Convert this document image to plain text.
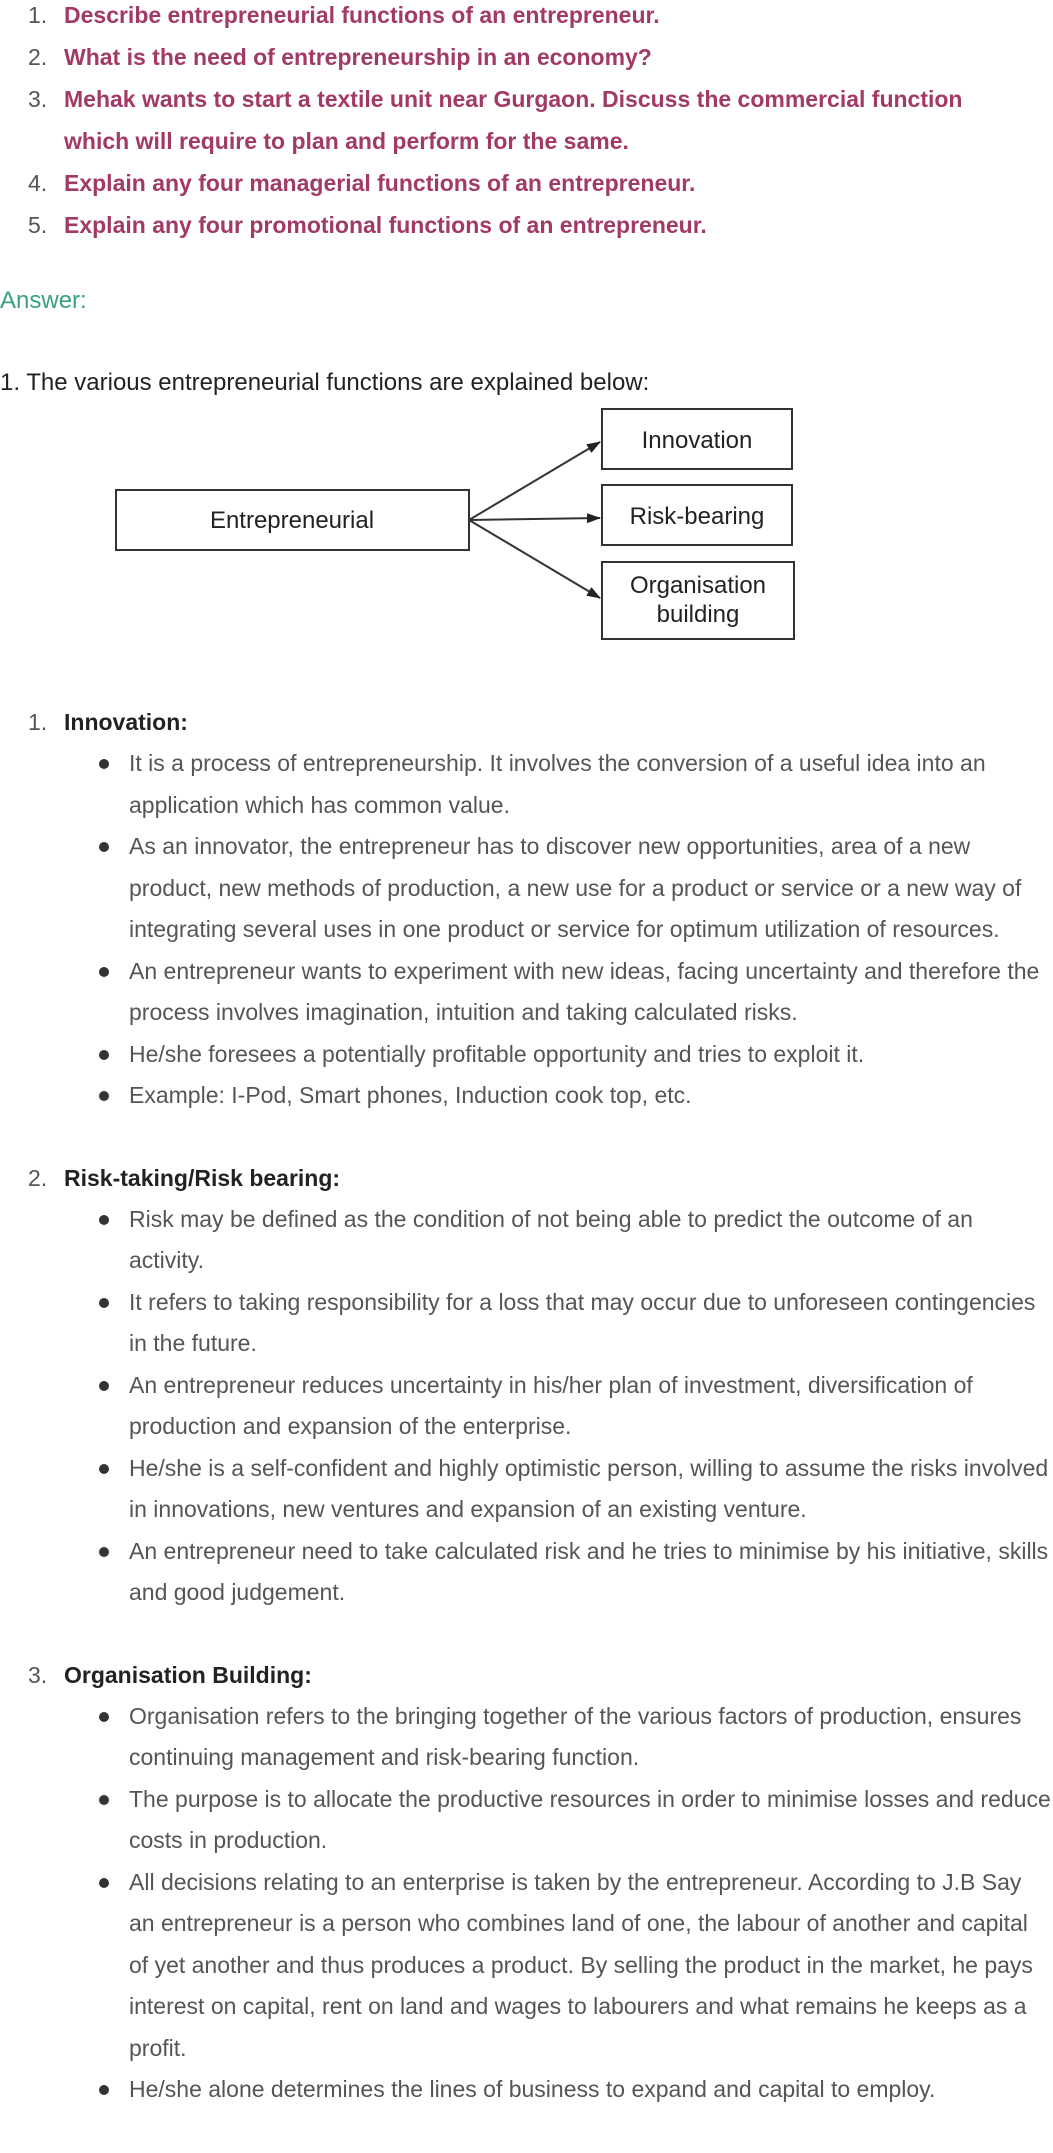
1. Describe entrepreneurial functions of an entrepreneur.
2. What is the need of entrepreneurship in an economy?
3. Mehak wants to start a textile unit near Gurgaon. Discuss the commercial function which will require to plan and perform for the same.
4. Explain any four managerial functions of an entrepreneur.
5. Explain any four promotional functions of an entrepreneur.
Answer:
1. The various entrepreneurial functions are explained below:
Entrepreneurial
Innovation
Risk-bearing
Organisation
building
1. Innovation:
It is a process of entrepreneurship. It involves the conversion of a useful idea into an application which has common value.
As an innovator, the entrepreneur has to discover new opportunities, area of a new product, new methods of production, a new use for a product or service or a new way of integrating several uses in one product or service for optimum utilization of resources.
An entrepreneur wants to experiment with new ideas, facing uncertainty and therefore the process involves imagination, intuition and taking calculated risks.
He/she foresees a potentially profitable opportunity and tries to exploit it.
Example: I-Pod, Smart phones, Induction cook top, etc.
2. Risk-taking/Risk bearing:
Risk may be defined as the condition of not being able to predict the outcome of an activity.
It refers to taking responsibility for a loss that may occur due to unforeseen contingencies in the future.
An entrepreneur reduces uncertainty in his/her plan of investment, diversification of production and expansion of the enterprise.
He/she is a self-confident and highly optimistic person, willing to assume the risks involved in innovations, new ventures and expansion of an existing venture.
An entrepreneur need to take calculated risk and he tries to minimise by his initiative, skills and good judgement.
3. Organisation Building:
Organisation refers to the bringing together of the various factors of production, ensures continuing management and risk-bearing function.
The purpose is to allocate the productive resources in order to minimise losses and reduce costs in production.
All decisions relating to an enterprise is taken by the entrepreneur. According to J.B Say an entrepreneur is a person who combines land of one, the labour of another and capital of yet another and thus produces a product. By selling the product in the market, he pays interest on capital, rent on land and wages to labourers and what remains he keeps as a profit.
He/she alone determines the lines of business to expand and capital to employ.
